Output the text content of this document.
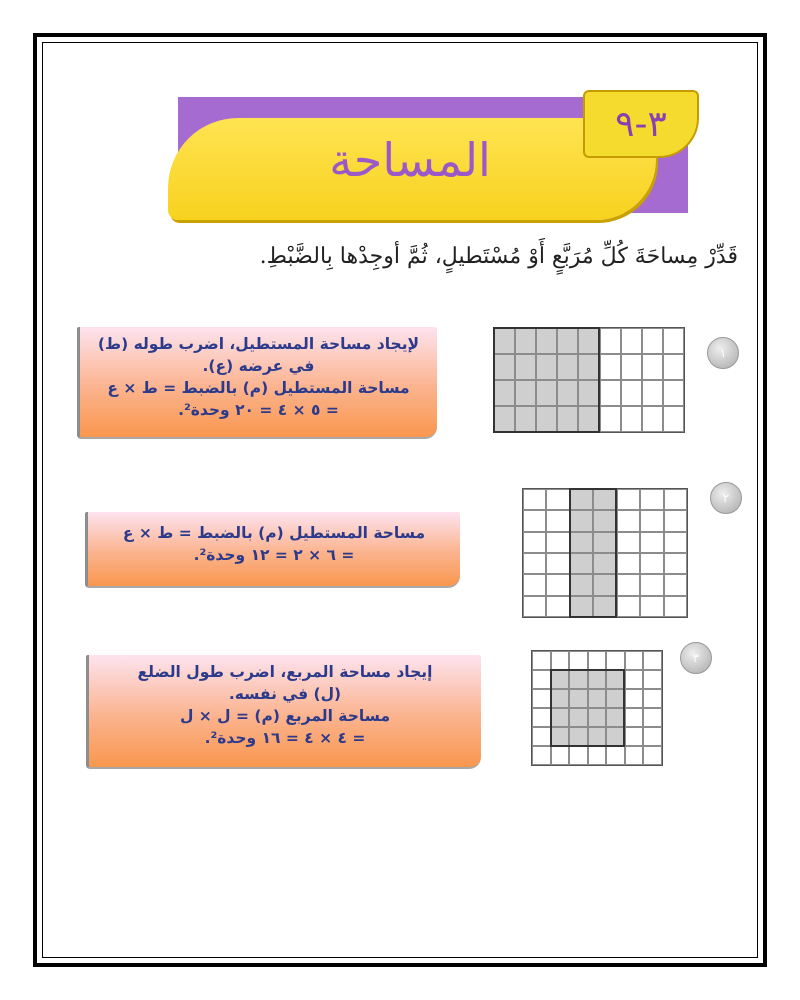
٣-٩
المساحة
قَدِّرْ مِساحَةَ كُلِّ مُرَبَّعٍ أَوْ مُسْتَطيلٍ، ثُمَّ أوجِدْها بِالضَّبْطِ.
١
لإيجاد مساحة المستطيل، اضرب طوله (ط)
في عرضه (ع).
مساحة المستطيل (م) بالضبط = ط × ع
= ٥ × ٤ = ٢٠ وحدة².
٢
مساحة المستطيل (م) بالضبط = ط × ع
= ٦ × ٢ = ١٢ وحدة².
٣
إيجاد مساحة المربع، اضرب طول الضلع
(ل) في نفسه.
مساحة المربع (م) = ل × ل
= ٤ × ٤ = ١٦ وحدة².
